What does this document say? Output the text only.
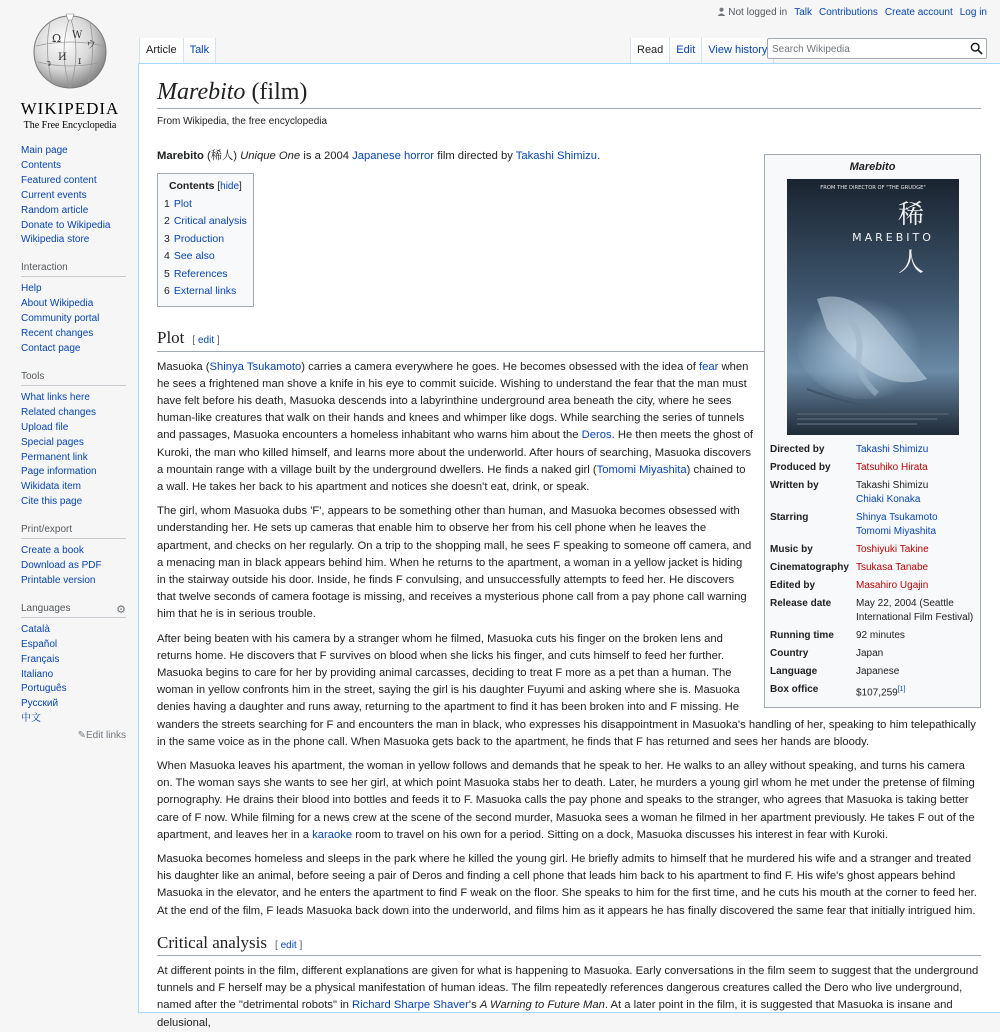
Ω W
ウ
И ɪ
ว
WIKIPEDIA
The Free Encyclopedia
Not logged in Talk Contributions Create account Log in
Article	Talk	Read	Edit	View history
Search Wikipedia
Main page
Contents
Featured content
Current events
Random article
Donate to Wikipedia
Wikipedia store
Interaction
Help
About Wikipedia
Community portal
Recent changes
Contact page
Tools
What links here
Related changes
Upload file
Special pages
Permanent link
Page information
Wikidata item
Cite this page
Print/export
Create a book
Download as PDF
Printable version
Languages	⚙
Català
Español
Français
Italiano
Português
Русский
中文
✎Edit links
Marebito (film)
From Wikipedia, the free encyclopedia
Marebito
FROM THE DIRECTOR OF "THE GRUDGE"
稀
MAREBITO
人
Directed by	Takashi Shimizu
Produced by	Tatsuhiko Hirata
Written by	Takashi Shimizu
Chiaki Konaka
Starring	Shinya Tsukamoto
Tomomi Miyashita
Music by	Toshiyuki Takine
Cinematography	Tsukasa Tanabe
Edited by	Masahiro Ugajin
Release date	May 22, 2004 (Seattle International Film Festival)
Running time	92 minutes
Country	Japan
Language	Japanese
Box office	$107,259[1]

Marebito (稀人) Unique One is a 2004 Japanese horror film directed by Takashi Shimizu.

Contents [hide]
1 Plot
2 Critical analysis
3 Production
4 See also
5 References
6 External links
Plot [ edit ]

Masuoka (Shinya Tsukamoto) carries a camera everywhere he goes. He becomes obsessed with the idea of fear when he sees a frightened man shove a knife in his eye to commit suicide. Wishing to understand the fear that the man must have felt before his death, Masuoka descends into a labyrinthine underground area beneath the city, where he sees human-like creatures that walk on their hands and knees and whimper like dogs. While searching the series of tunnels and passages, Masuoka encounters a homeless inhabitant who warns him about the Deros. He then meets the ghost of Kuroki, the man who killed himself, and learns more about the underworld. After hours of searching, Masuoka discovers a mountain range with a village built by the underground dwellers. He finds a naked girl (Tomomi Miyashita) chained to a wall. He takes her back to his apartment and notices she doesn't eat, drink, or speak.

The girl, whom Masuoka dubs 'F', appears to be something other than human, and Masuoka becomes obsessed with understanding her. He sets up cameras that enable him to observe her from his cell phone when he leaves the apartment, and checks on her regularly. On a trip to the shopping mall, he sees F speaking to someone off camera, and a menacing man in black appears behind him. When he returns to the apartment, a woman in a yellow jacket is hiding in the stairway outside his door. Inside, he finds F convulsing, and unsuccessfully attempts to feed her. He discovers that twelve seconds of camera footage is missing, and receives a mysterious phone call from a pay phone call warning him that he is in serious trouble.

After being beaten with his camera by a stranger whom he filmed, Masuoka cuts his finger on the broken lens and returns home. He discovers that F survives on blood when she licks his finger, and cuts himself to feed her further. Masuoka begins to care for her by providing animal carcasses, deciding to treat F more as a pet than a human. The woman in yellow confronts him in the street, saying the girl is his daughter Fuyumi and asking where she is. Masuoka denies having a daughter and runs away, returning to the apartment to find it has been broken into and F missing. He wanders the streets searching for F and encounters the man in black, who expresses his disappointment in Masuoka's handling of her, speaking to him telepathically in the same voice as in the phone call. When Masuoka gets back to the apartment, he finds that F has returned and sees her hands are bloody.

When Masuoka leaves his apartment, the woman in yellow follows and demands that he speak to her. He walks to an alley without speaking, and turns his camera on. The woman says she wants to see her girl, at which point Masuoka stabs her to death. Later, he murders a young girl whom he met under the pretense of filming pornography. He drains their blood into bottles and feeds it to F. Masuoka calls the pay phone and speaks to the stranger, who agrees that Masuoka is taking better care of F now. While filming for a news crew at the scene of the second murder, Masuoka sees a woman he filmed in her apartment previously. He takes F out of the apartment, and leaves her in a karaoke room to travel on his own for a period. Sitting on a dock, Masuoka discusses his interest in fear with Kuroki.

Masuoka becomes homeless and sleeps in the park where he killed the young girl. He briefly admits to himself that he murdered his wife and a stranger and treated his daughter like an animal, before seeing a pair of Deros and finding a cell phone that leads him back to his apartment to find F. His wife's ghost appears behind Masuoka in the elevator, and he enters the apartment to find F weak on the floor. She speaks to him for the first time, and he cuts his mouth at the corner to feed her. At the end of the film, F leads Masuoka back down into the underworld, and films him as it appears he has finally discovered the same fear that initially intrigued him.

Critical analysis [ edit ]

At different points in the film, different explanations are given for what is happening to Masuoka. Early conversations in the film seem to suggest that the underground tunnels and F herself may be a physical manifestation of human ideas. The film repeatedly references dangerous creatures called the Dero who live underground, named after the "detrimental robots" in Richard Sharpe Shaver's A Warning to Future Man. At a later point in the film, it is suggested that Masuoka is insane and delusional,
